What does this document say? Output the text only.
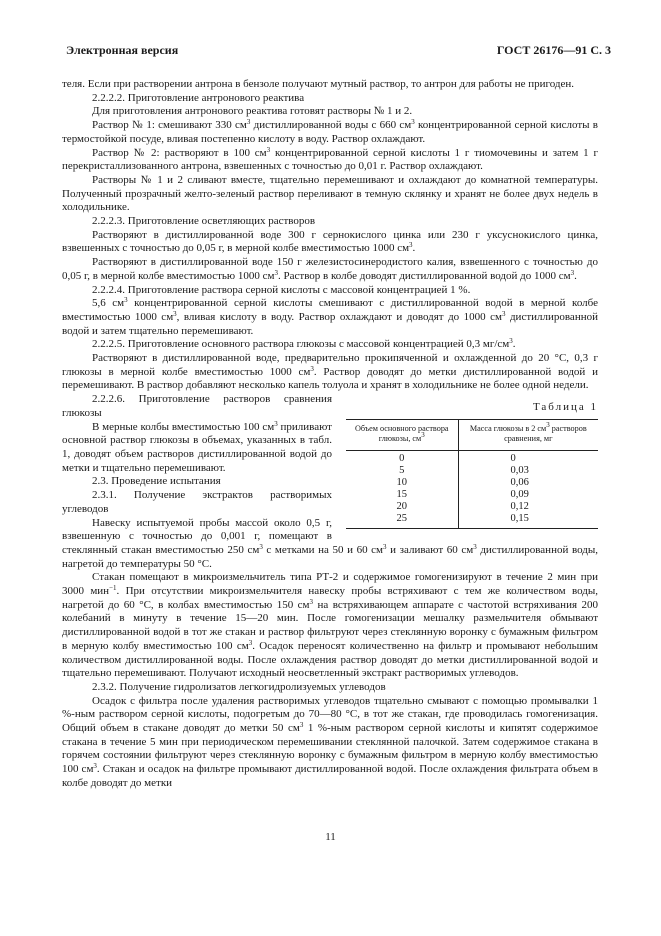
Электронная версия	ГОСТ 26176—91 С. 3

теля. Если при растворении антрона в бензоле получают мутный раствор, то антрон для работы не пригоден.

2.2.2.2. Приготовление антронового реактива

Для приготовления антронового реактива готовят растворы № 1 и 2.

Раствор № 1: смешивают 330 $см^3$ дистиллированной воды с 660 $см^3$ концентрированной серной кислоты в термостойкой посуде, вливая постепенно кислоту в воду. Раствор охлаждают.

Раствор № 2: растворяют в 100 $см^3$ концентрированной серной кислоты 1 г тиомочевины и затем 1 г перекристаллизованного антрона, взвешенных с точностью до 0,01 г. Раствор охлаждают.

Растворы № 1 и 2 сливают вместе, тщательно перемешивают и охлаждают до комнатной температуры. Полученный прозрачный желто-зеленый раствор переливают в темную склянку и хранят не более двух недель в холодильнике.

2.2.2.3. Приготовление осветляющих растворов

Растворяют в дистиллированной воде 300 г сернокислого цинка или 230 г уксуснокислого цинка, взвешенных с точностью до 0,05 г, в мерной колбе вместимостью 1000 $см^3$.

Растворяют в дистиллированной воде 150 г железистосинеродистого калия, взвешенного с точностью до 0,05 г, в мерной колбе вместимостью 1000 $см^3$. Раствор в колбе доводят дистиллированной водой до 1000 $см^3$.

2.2.2.4. Приготовление раствора серной кислоты с массовой концентрацией 1 %.

5,6 $см^3$ концентрированной серной кислоты смешивают с дистиллированной водой в мерной колбе вместимостью 1000 $см^3$, вливая кислоту в воду. Раствор охлаждают и доводят до 1000 $см^3$ дистиллированной водой и затем тщательно перемешивают.

2.2.2.5. Приготовление основного раствора глюкозы с массовой концентрацией 0,3 $мг/см^3$.

Растворяют в дистиллированной воде, предварительно прокипяченной и охлажденной до 20 °С, 0,3 г глюкозы в мерной колбе вместимостью 1000 $см^3$. Раствор доводят до метки дистиллированной водой и перемешивают. В раствор добавляют несколько капель толуола и хранят в холодильнике не более одной недели.

Таблица 1
Объем основного раствора глюкозы, $см^3$	Масса глюкозы в 2 $см^3$ растворов сравнения, мг
0	0
5	0,03
10	0,06
15	0,09
20	0,12
25	0,15

2.2.2.6. Приготовление растворов сравнения глюкозы

В мерные колбы вместимостью 100 $см^3$ приливают основной раствор глюкозы в объемах, указанных в табл. 1, доводят объем растворов дистиллированной водой до метки и тщательно перемешивают.

2.3. Проведение испытания

2.3.1. Получение экстрактов растворимых углеводов

Навеску испытуемой пробы массой около 0,5 г, взвешенную с точностью до 0,001 г, помещают в стеклянный стакан вместимостью 250 $см^3$ с метками на 50 и 60 $см^3$ и заливают 60 $см^3$ дистиллированной воды, нагретой до температуры 50 °С.

Стакан помещают в микроизмельчитель типа РТ-2 и содержимое гомогенизируют в течение 2 мин при 3000 мин$^{-1}$. При отсутствии микроизмельчителя навеску пробы встряхивают с тем же количеством воды, нагретой до 60 °С, в колбах вместимостью 150 $см^3$ на встряхивающем аппарате с частотой встряхивания 200 колебаний в минуту в течение 15—20 мин. После гомогенизации мешалку размельчителя обмывают дистиллированной водой в тот же стакан и раствор фильтруют через стеклянную воронку с бумажным фильтром в мерную колбу вместимостью 100 $см^3$. Осадок переносят количественно на фильтр и промывают небольшим количеством дистиллированной воды. После охлаждения раствор доводят до метки дистиллированной водой и тщательно перемешивают. Получают исходный неосветленный экстракт растворимых углеводов.

2.3.2. Получение гидролизатов легкогидролизуемых углеводов

Осадок с фильтра после удаления растворимых углеводов тщательно смывают с помощью промывалки 1 %-ным раствором серной кислоты, подогретым до 70—80 °С, в тот же стакан, где проводилась гомогенизация. Общий объем в стакане доводят до метки 50 $см^3$ 1 %-ным раствором серной кислоты и кипятят содержимое стакана в течение 5 мин при периодическом перемешивании стеклянной палочкой. Затем содержимое стакана в горячем состоянии фильтруют через стеклянную воронку с бумажным фильтром в мерную колбу вместимостью 100 $см^3$. Стакан и осадок на фильтре промывают дистиллированной водой. После охлаждения фильтрата объем в колбе доводят до метки

11
